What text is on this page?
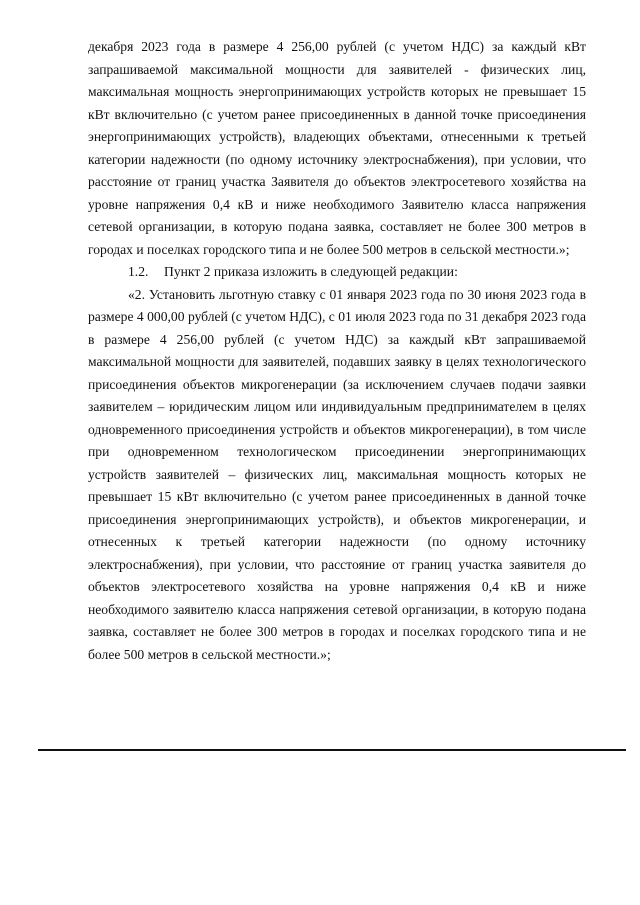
декабря 2023 года в размере 4 256,00 рублей (с учетом НДС) за каждый кВт запрашиваемой максимальной мощности для заявителей - физических лиц, максимальная мощность энергопринимающих устройств которых не превышает 15 кВт включительно (с учетом ранее присоединенных в данной точке присоединения энергопринимающих устройств), владеющих объектами, отнесенными к третьей категории надежности (по одному источнику электроснабжения), при условии, что расстояние от границ участка Заявителя до объектов электросетевого хозяйства на уровне напряжения 0,4 кВ и ниже необходимого Заявителю класса напряжения сетевой организации, в которую подана заявка, составляет не более 300 метров в городах и поселках городского типа и не более 500 метров в сельской местности.»;

1.2. Пункт 2 приказа изложить в следующей редакции:

«2. Установить льготную ставку с 01 января 2023 года по 30 июня 2023 года в размере 4 000,00 рублей (с учетом НДС), с 01 июля 2023 года по 31 декабря 2023 года в размере 4 256,00 рублей (с учетом НДС) за каждый кВт запрашиваемой максимальной мощности для заявителей, подавших заявку в целях технологического присоединения объектов микрогенерации (за исключением случаев подачи заявки заявителем – юридическим лицом или индивидуальным предпринимателем в целях одновременного присоединения устройств и объектов микрогенерации), в том числе при одновременном технологическом присоединении энергопринимающих устройств заявителей – физических лиц, максимальная мощность которых не превышает 15 кВт включительно (с учетом ранее присоединенных в данной точке присоединения энергопринимающих устройств), и объектов микрогенерации, и отнесенных к третьей категории надежности (по одному источнику электроснабжения), при условии, что расстояние от границ участка заявителя до объектов электросетевого хозяйства на уровне напряжения 0,4 кВ и ниже необходимого заявителю класса напряжения сетевой организации, в которую подана заявка, составляет не более 300 метров в городах и поселках городского типа и не более 500 метров в сельской местности.»;
